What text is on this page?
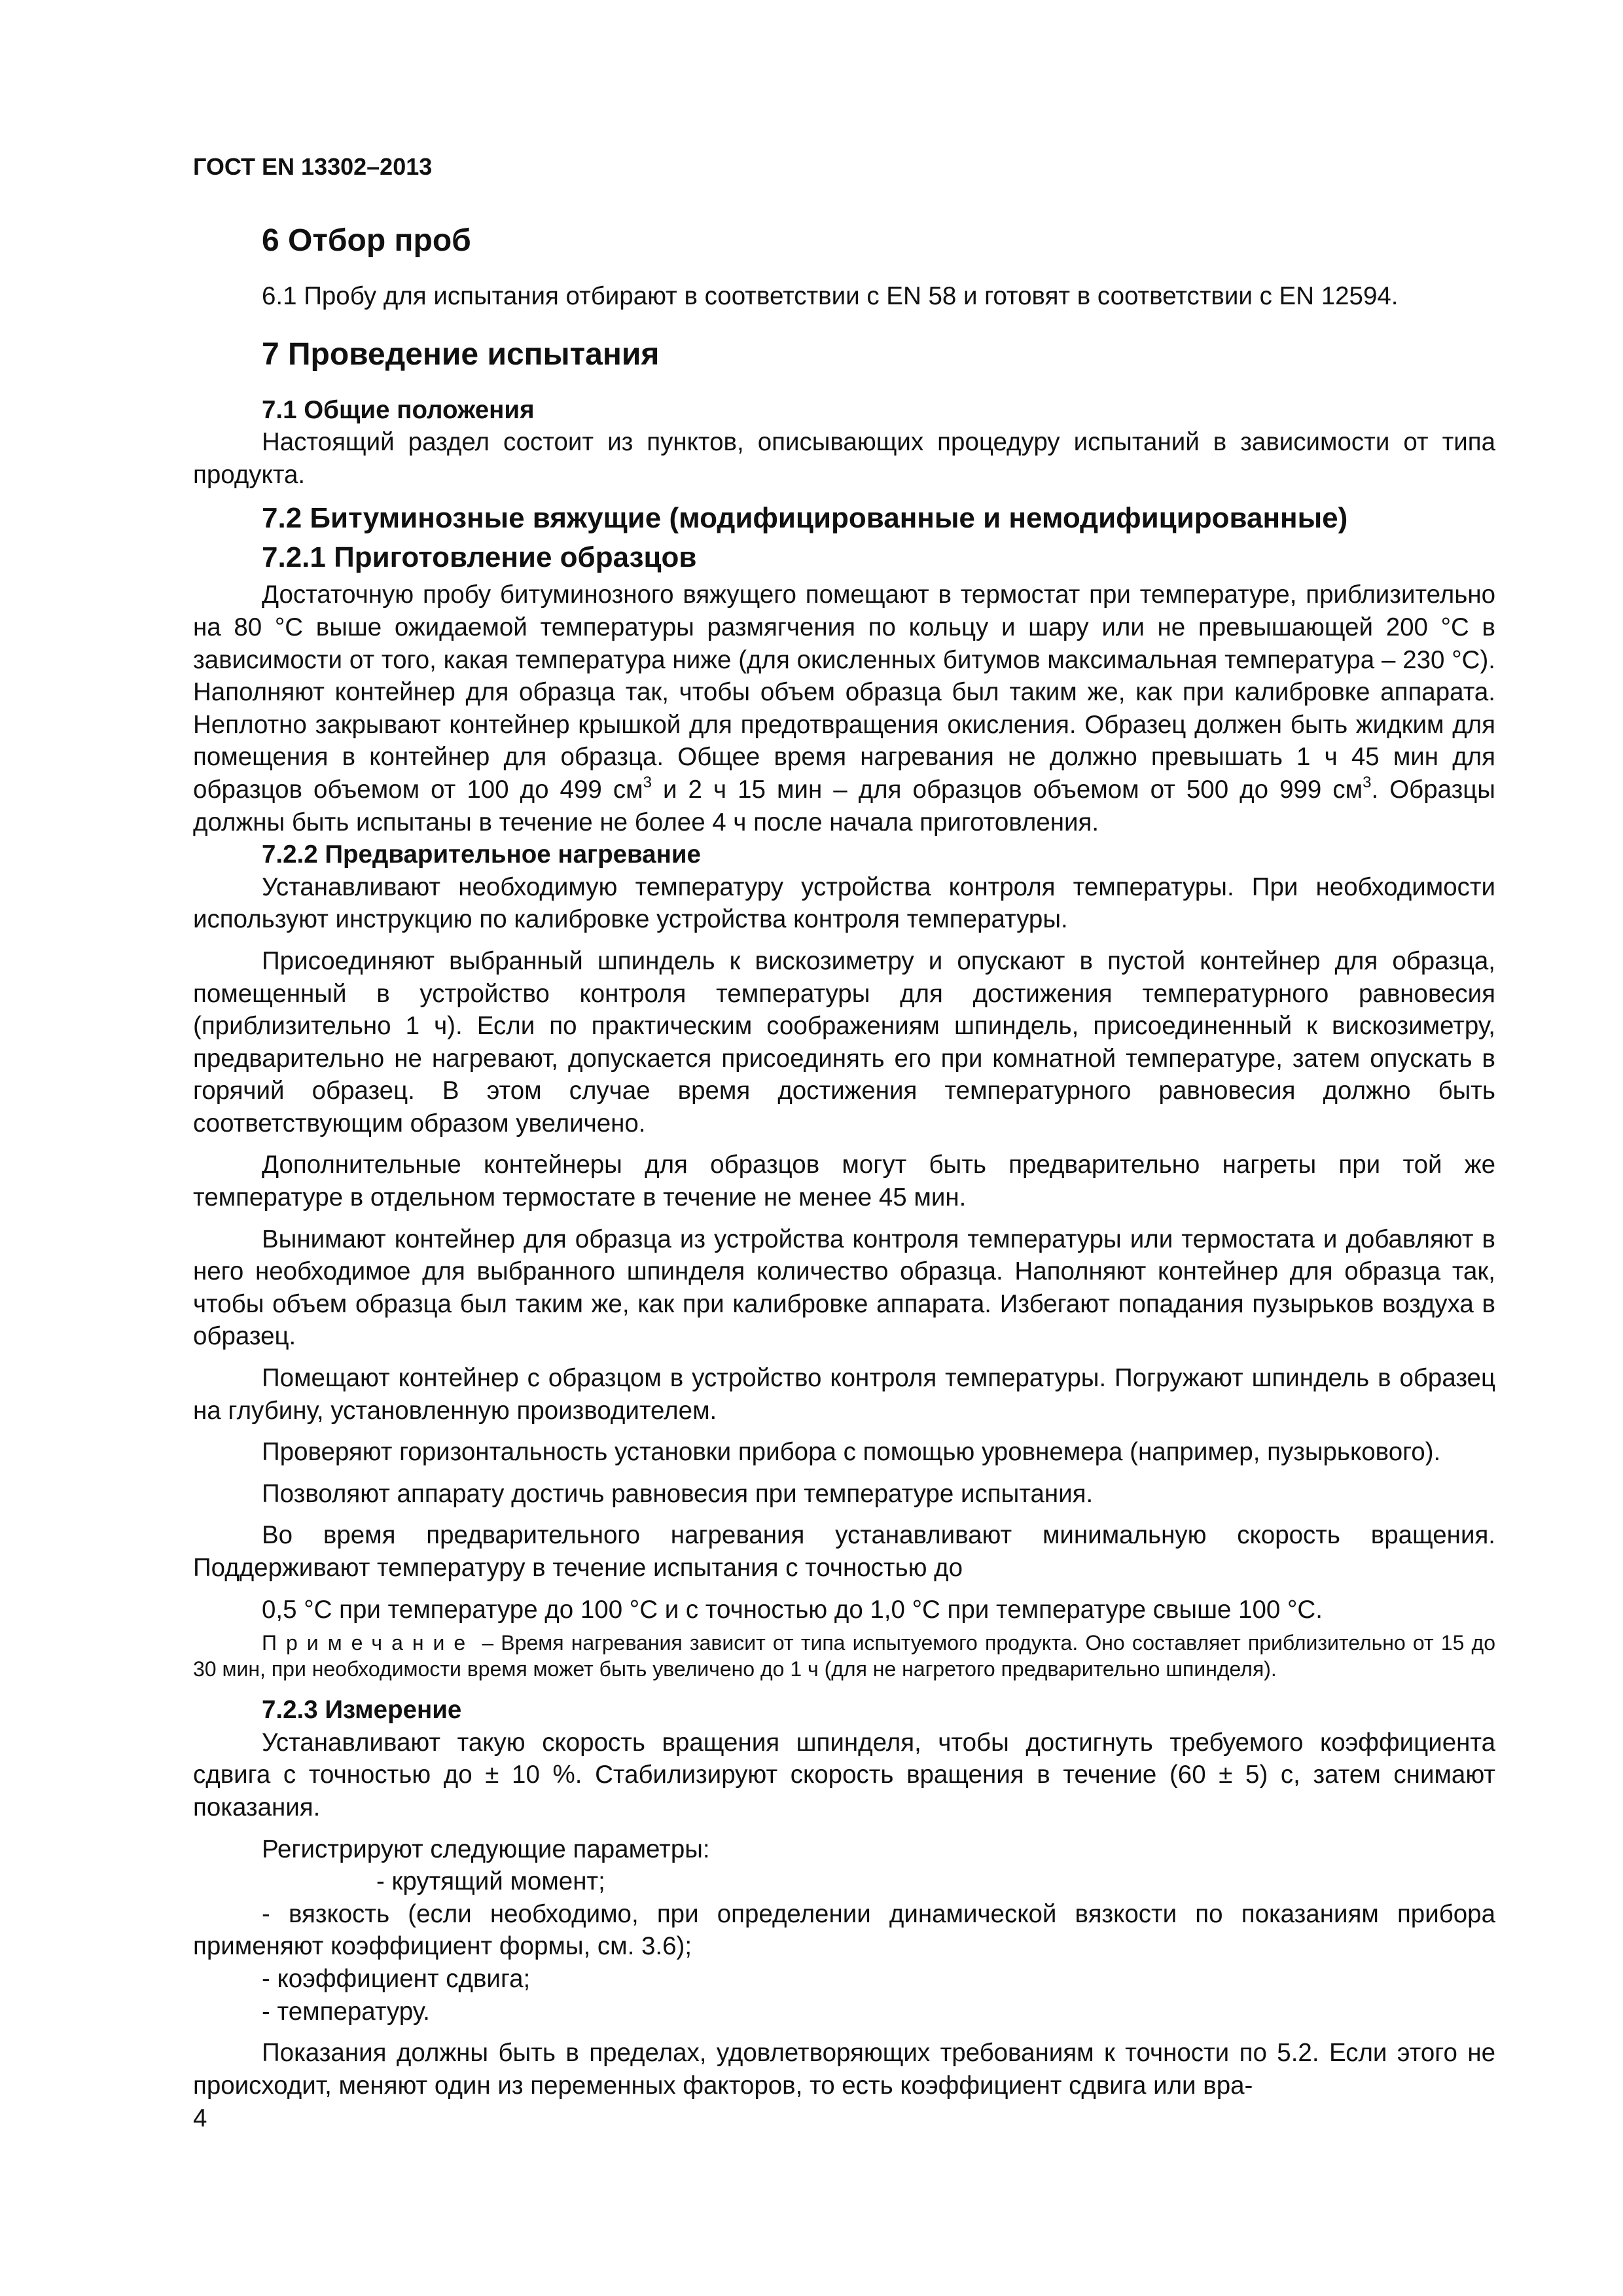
ГОСТ EN 13302–2013
6 Отбор проб

6.1 Пробу для испытания отбирают в соответствии с EN 58 и готовят в соответствии с EN 12594.

7 Проведение испытания
7.1 Общие положения

Настоящий раздел состоит из пунктов, описывающих процедуру испытаний в зависимости от типа продукта.

7.2 Битуминозные вяжущие (модифицированные и немодифицированные)
7.2.1 Приготовление образцов

Достаточную пробу битуминозного вяжущего помещают в термостат при температуре, приблизительно на 80 °C выше ожидаемой температуры размягчения по кольцу и шару или не превышающей 200 °C в зависимости от того, какая температура ниже (для окисленных битумов максимальная температура – 230 °C). Наполняют контейнер для образца так, чтобы объем образца был таким же, как при калибровке аппарата. Неплотно закрывают контейнер крышкой для предотвращения окисления. Образец должен быть жидким для помещения в контейнер для образца. Общее время нагревания не должно превышать 1 ч 45 мин для образцов объемом от 100 до 499 $см^3$ и 2 ч 15 мин – для образцов объемом от 500 до 999 $см^3$. Образцы должны быть испытаны в течение не более 4 ч после начала приготовления.

7.2.2 Предварительное нагревание

Устанавливают необходимую температуру устройства контроля температуры. При необходимости используют инструкцию по калибровке устройства контроля температуры.

Присоединяют выбранный шпиндель к вискозиметру и опускают в пустой контейнер для образца, помещенный в устройство контроля температуры для достижения температурного равновесия (приблизительно 1 ч). Если по практическим соображениям шпиндель, присоединенный к вискозиметру, предварительно не нагревают, допускается присоединять его при комнатной температуре, затем опускать в горячий образец. В этом случае время достижения температурного равновесия должно быть соответствующим образом увеличено.

Дополнительные контейнеры для образцов могут быть предварительно нагреты при той же температуре в отдельном термостате в течение не менее 45 мин.

Вынимают контейнер для образца из устройства контроля температуры или термостата и добавляют в него необходимое для выбранного шпинделя количество образца. Наполняют контейнер для образца так, чтобы объем образца был таким же, как при калибровке аппарата. Избегают попадания пузырьков воздуха в образец.

Помещают контейнер с образцом в устройство контроля температуры. Погружают шпиндель в образец на глубину, установленную производителем.

Проверяют горизонтальность установки прибора с помощью уровнемера (например, пузырькового).

Позволяют аппарату достичь равновесия при температуре испытания.

Во время предварительного нагревания устанавливают минимальную скорость вращения. Поддерживают температуру в течение испытания с точностью до

0,5 °C при температуре до 100 °C и с точностью до 1,0 °C при температуре свыше 100 °C.

Примечание – Время нагревания зависит от типа испытуемого продукта. Оно составляет приблизительно от 15 до 30 мин, при необходимости время может быть увеличено до 1 ч (для не нагретого предварительно шпинделя).
7.2.3 Измерение

Устанавливают такую скорость вращения шпинделя, чтобы достигнуть требуемого коэффициента сдвига с точностью до ± 10 %. Стабилизируют скорость вращения в течение (60 ± 5) с, затем снимают показания.

Регистрируют следующие параметры:

- крутящий момент;

- вязкость (если необходимо, при определении динамической вязкости по показаниям прибора применяют коэффициент формы, см. 3.6);

- коэффициент сдвига;

- температуру.

Показания должны быть в пределах, удовлетворяющих требованиям к точности по 5.2. Если этого не происходит, меняют один из переменных факторов, то есть коэффициент сдвига или вра-

4
